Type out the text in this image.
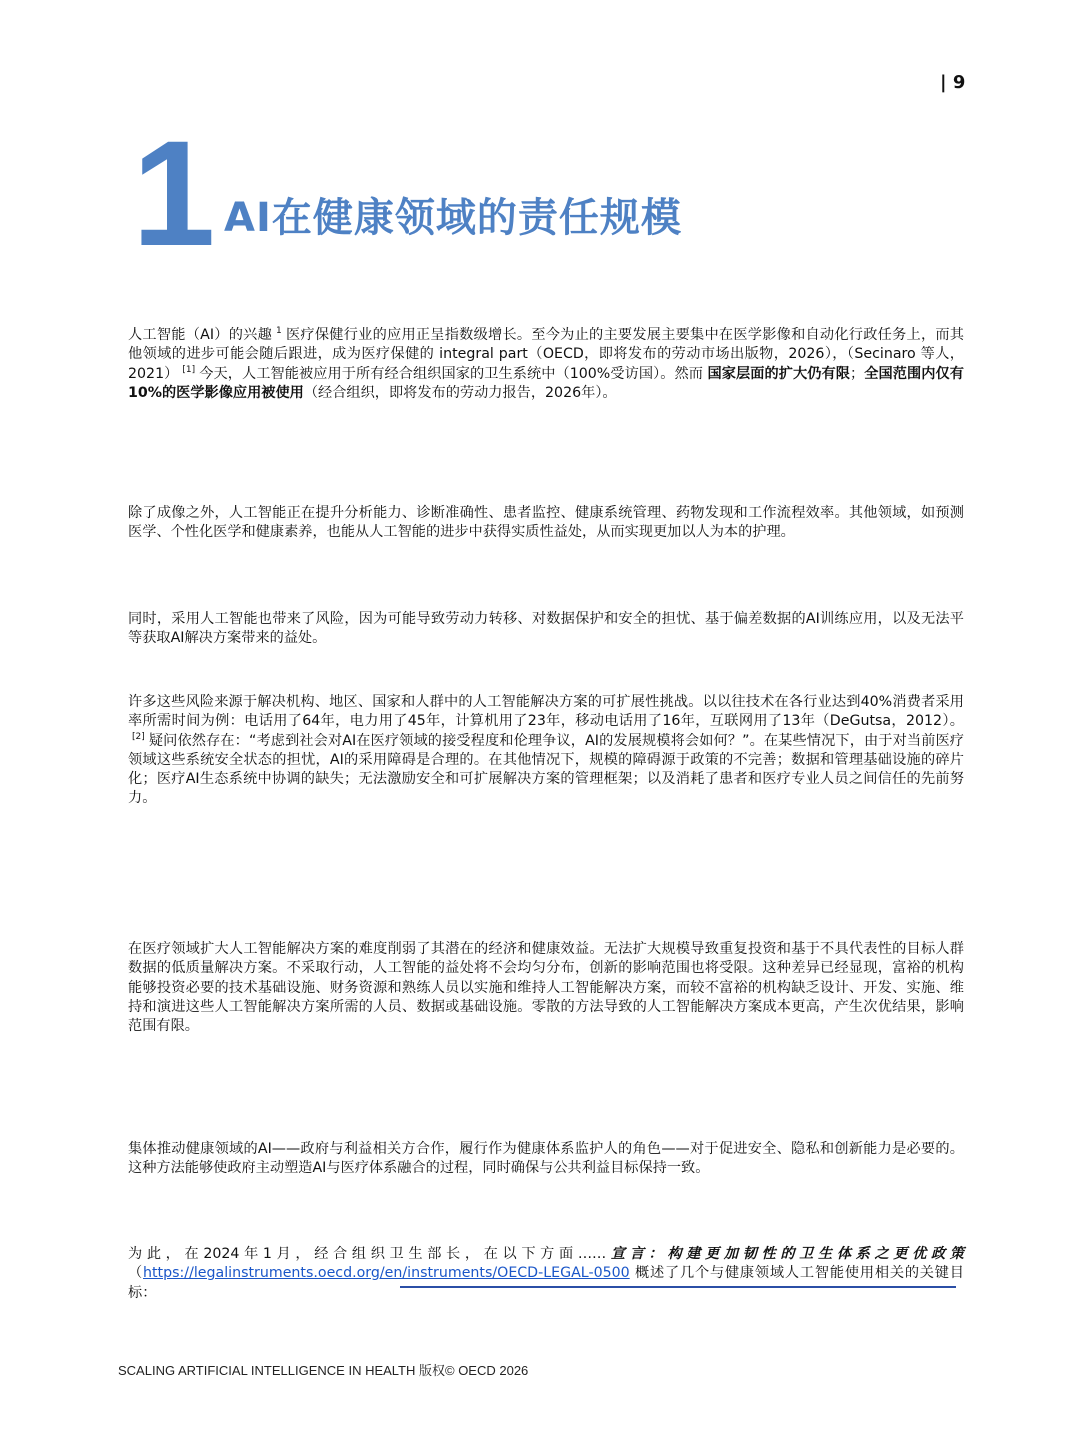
| 9
1 AI在健康领域的责任规模

人工智能（AI）的兴趣 $^1$ 医疗保健行业的应用正呈指数级增长。至今为止的主要发展主要集中在医学影像和自动化行政任务上，而其他领域的进步可能会随后跟进，成为医疗保健的 integral part（OECD，即将发布的劳动市场出版物，2026），（Secinaro 等人，2021） [1] 今天，人工智能被应用于所有经合组织国家的卫生系统中（100%受访国）。然而 国家层面的扩大仍有限；全国范围内仅有10%的医学影像应用被使用（经合组织，即将发布的劳动力报告，2026年）。

除了成像之外，人工智能正在提升分析能力、诊断准确性、患者监控、健康系统管理、药物发现和工作流程效率。其他领域，如预测医学、个性化医学和健康素养，也能从人工智能的进步中获得实质性益处，从而实现更加以人为本的护理。

同时，采用人工智能也带来了风险，因为可能导致劳动力转移、对数据保护和安全的担忧、基于偏差数据的AI训练应用，以及无法平等获取AI解决方案带来的益处。

许多这些风险来源于解决机构、地区、国家和人群中的人工智能解决方案的可扩展性挑战。以以往技术在各行业达到40%消费者采用率所需时间为例：电话用了64年，电力用了45年，计算机用了23年，移动电话用了16年，互联网用了13年（DeGutsa，2012）。[2] 疑问依然存在：“考虑到社会对AI在医疗领域的接受程度和伦理争议，AI的发展规模将会如何？”。在某些情况下，由于对当前医疗领域这些系统安全状态的担忧，AI的采用障碍是合理的。在其他情况下，规模的障碍源于政策的不完善；数据和管理基础设施的碎片化；医疗AI生态系统中协调的缺失；无法激励安全和可扩展解决方案的管理框架；以及消耗了患者和医疗专业人员之间信任的先前努力。

在医疗领域扩大人工智能解决方案的难度削弱了其潜在的经济和健康效益。无法扩大规模导致重复投资和基于不具代表性的目标人群数据的低质量解决方案。不采取行动，人工智能的益处将不会均匀分布，创新的影响范围也将受限。这种差异已经显现，富裕的机构能够投资必要的技术基础设施、财务资源和熟练人员以实施和维持人工智能解决方案，而较不富裕的机构缺乏设计、开发、实施、维持和演进这些人工智能解决方案所需的人员、数据或基础设施。零散的方法导致的人工智能解决方案成本更高，产生次优结果，影响范围有限。

集体推动健康领域的AI——政府与利益相关方合作，履行作为健康体系监护人的角色——对于促进安全、隐私和创新能力是必要的。这种方法能够使政府主动塑造AI与医疗体系融合的过程，同时确保与公共利益目标保持一致。

为此，在2024年1月，经合组织卫生部长，在以下方面……宣言：构建更加韧性的卫生体系之更优政策（https://legalinstruments.oecd.org/en/instruments/OECD-LEGAL-0500 概述了几个与健康领域人工智能使用相关的关键目标：

SCALING ARTIFICIAL INTELLIGENCE IN HEALTH 版权© OECD 2026
